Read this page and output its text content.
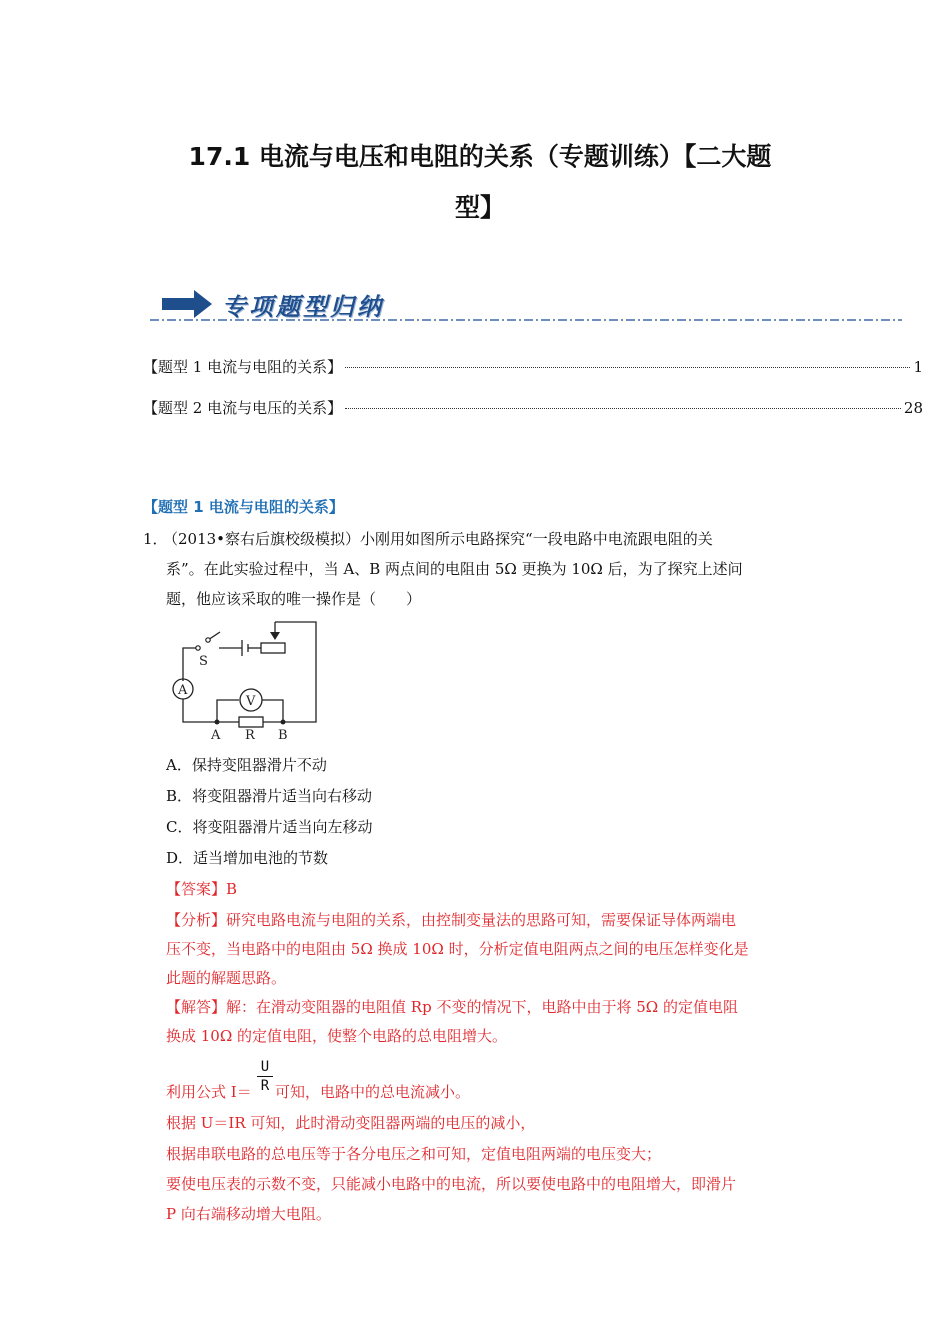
17.1 电流与电压和电阻的关系（专题训练）【二大题
型】
专项题型归纳
【题型 1 电流与电阻的关系】	1
【题型 2 电流与电压的关系】	28
【题型 1 电流与电阻的关系】
1．
（2013•察右后旗校级模拟）小刚用如图所示电路探究“一段电路中电流跟电阻的关
系”。在此实验过程中，当 A、B 两点间的电阻由 5Ω 更换为 10Ω 后，为了探究上述问
题，他应该采取的唯一操作是（　　）
S
A
V
A R B
A．保持变阻器滑片不动
B．将变阻器滑片适当向右移动
C．将变阻器滑片适当向左移动
D．适当增加电池的节数
【答案】B
【分析】研究电路电流与电阻的关系，由控制变量法的思路可知，需要保证导体两端电
压不变，当电路中的电阻由 5Ω 换成 10Ω 时，分析定值电阻两点之间的电压怎样变化是
此题的解题思路。
【解答】解：在滑动变阻器的电阻值 Rp 不变的情况下，电路中由于将 5Ω 的定值电阻
换成 10Ω 的定值电阻，使整个电路的总电阻增大。
利用公式 $I= \frac{U}{R}$ 可知，电路中的总电流减小。
根据 U＝IR 可知，此时滑动变阻器两端的电压的减小，
根据串联电路的总电压等于各分电压之和可知，定值电阻两端的电压变大；
要使电压表的示数不变，只能减小电路中的电流，所以要使电路中的电阻增大，即滑片
P 向右端移动增大电阻。
